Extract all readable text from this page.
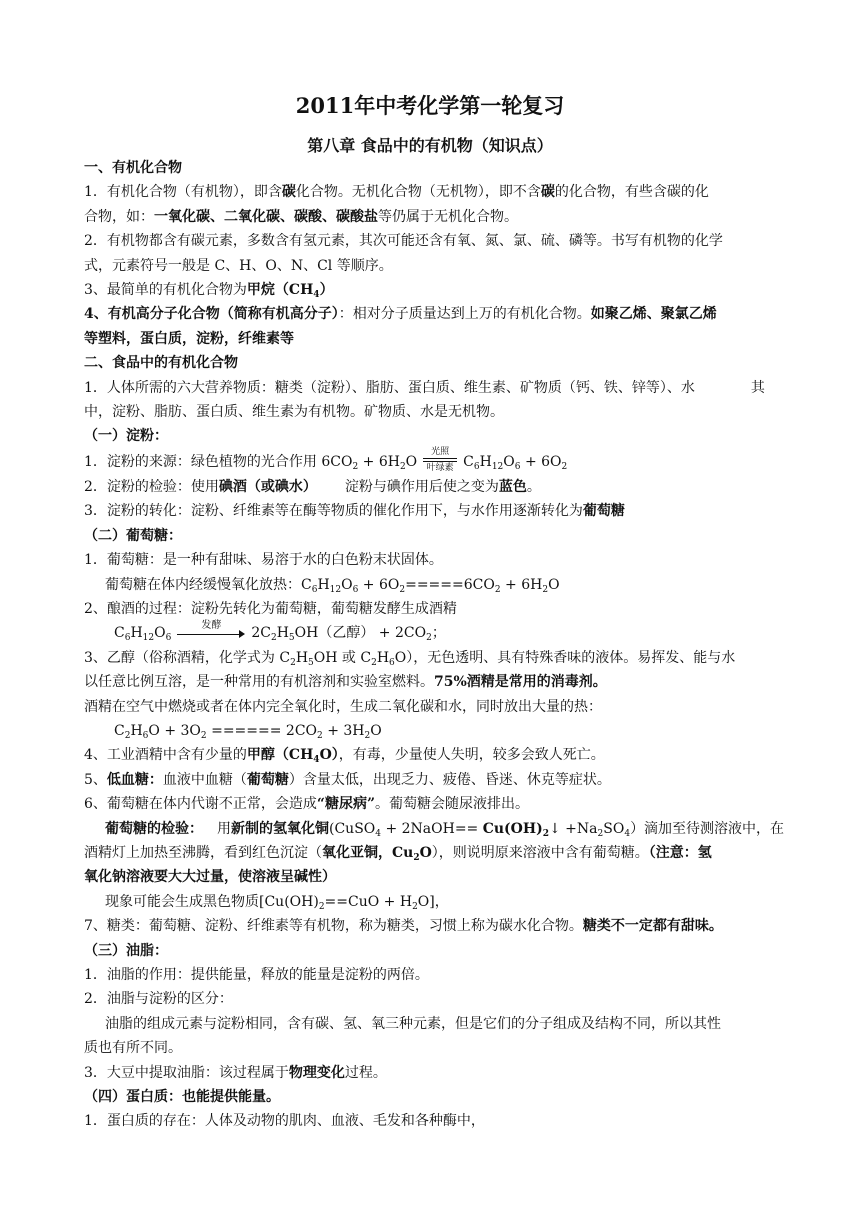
2011年中考化学第一轮复习
第八章 食品中的有机物（知识点）

一、有机化合物

1．有机化合物（有机物），即含碳化合物。无机化合物（无机物），即不含碳的化合物，有些含碳的化

合物，如：一氧化碳、二氧化碳、碳酸、碳酸盐等仍属于无机化合物。

2．有机物都含有碳元素，多数含有氢元素，其次可能还含有氧、氮、氯、硫、磷等。书写有机物的化学

式，元素符号一般是 C、H、O、N、Cl 等顺序。

3、最简单的有机化合物为甲烷$(CH_4)$

4、有机高分子化合物（简称有机高分子）：相对分子质量达到上万的有机化合物。如聚乙烯、聚氯乙烯

等塑料，蛋白质，淀粉，纤维素等

二、食品中的有机化合物

1．人体所需的六大营养物质：糖类（淀粉）、脂肪、蛋白质、维生素、矿物质（钙、铁、锌等）、水	其

中，淀粉、脂肪、蛋白质、维生素为有机物。矿物质、水是无机物。

（一）淀粉：

1．淀粉的来源：绿色植物的光合作用 $6CO_2 + 6H_2O$
光照
叶绿素 $C_6H_{12}O_6 + 6O_2$

2．淀粉的检验：使用碘酒（或碘水） 淀粉与碘作用后使之变为蓝色。

3．淀粉的转化：淀粉、纤维素等在酶等物质的催化作用下，与水作用逐渐转化为葡萄糖

（二）葡萄糖：

1．葡萄糖：是一种有甜味、易溶于水的白色粉末状固体。

葡萄糖在体内经缓慢氧化放热：$C_6H_{12}O_6 + 6O_2=====6CO_2 + 6H_2O$

2、酿酒的过程：淀粉先转化为葡萄糖，葡萄糖发酵生成酒精

$C_6H_{12}O_6$
发酵	$2C_2H_5OH$（乙醇） + $2CO_2$；

3、乙醇（俗称酒精，化学式为 $C_2H_5OH$ 或 $C_2H_6O$），无色透明、具有特殊香味的液体。易挥发、能与水

以任意比例互溶，是一种常用的有机溶剂和实验室燃料。75%酒精是常用的消毒剂。

酒精在空气中燃烧或者在体内完全氧化时，生成二氧化碳和水，同时放出大量的热：

$C_2H_6O + 3O_2$ ====== $2CO_2 + 3H_2O$

4、工业酒精中含有少量的甲醇$(CH_4O)$，有毒，少量使人失明，较多会致人死亡。

5、低血糖：血液中血糖（葡萄糖）含量太低，出现乏力、疲倦、昏迷、休克等症状。

6、葡萄糖在体内代谢不正常，会造成“糖尿病”。葡萄糖会随尿液排出。

葡萄糖的检验： 用新制的氢氧化铜(CuSO$_4$ + 2NaOH== $Cu(OH)_2↓ +Na_2SO_4$）滴加至待测溶液中，在

酒精灯上加热至沸腾，看到红色沉淀（氧化亚铜，$Cu_2O$），则说明原来溶液中含有葡萄糖。（注意：氢

氧化钠溶液要大大过量，使溶液呈碱性）

现象可能会生成黑色物质$[Cu(OH)_2==CuO + H_2O]$，

7、糖类：葡萄糖、淀粉、纤维素等有机物，称为糖类，习惯上称为碳水化合物。糖类不一定都有甜味。

（三）油脂：

1．油脂的作用：提供能量，释放的能量是淀粉的两倍。

2．油脂与淀粉的区分：

油脂的组成元素与淀粉相同，含有碳、氢、氧三种元素，但是它们的分子组成及结构不同，所以其性

质也有所不同。

3．大豆中提取油脂：该过程属于物理变化过程。

（四）蛋白质：也能提供能量。

1．蛋白质的存在：人体及动物的肌肉、血液、毛发和各种酶中，
